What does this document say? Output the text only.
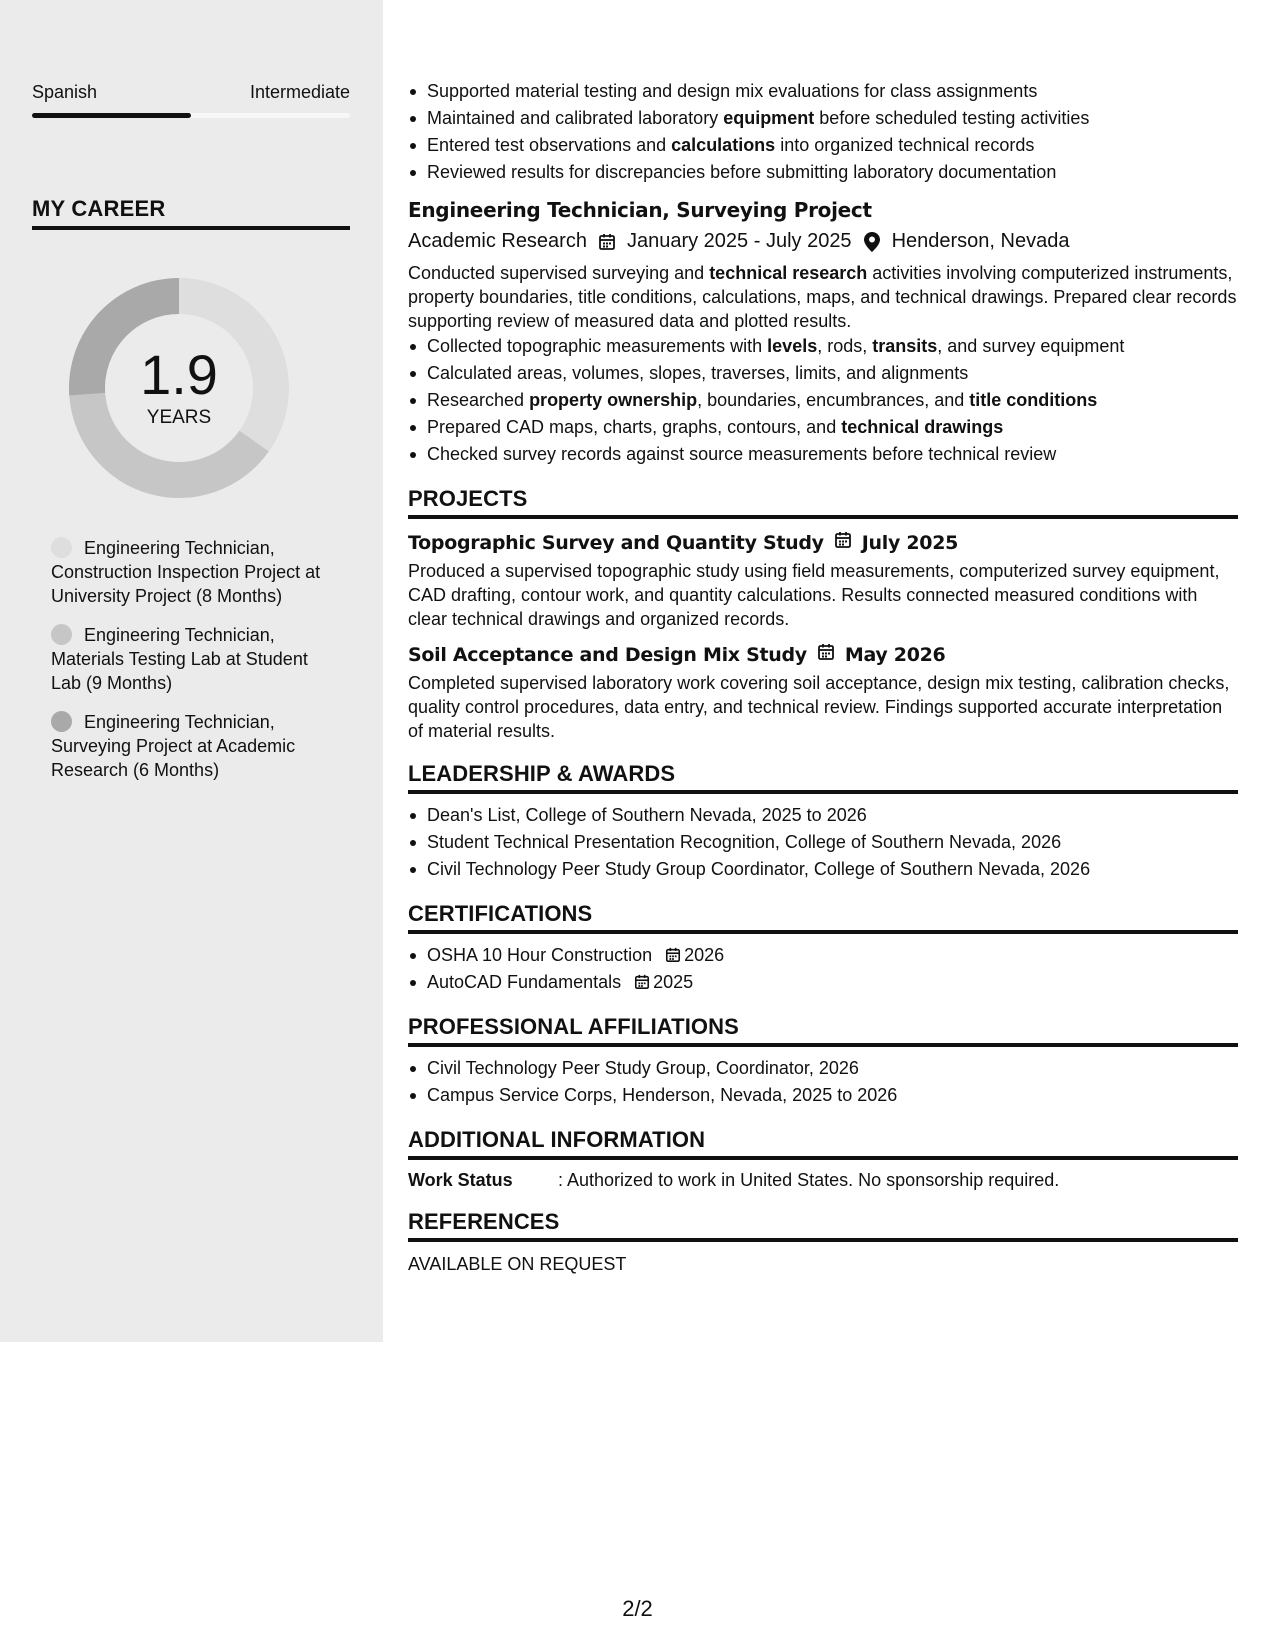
Spanish	Intermediate
MY CAREER
1.9
YEARS
Engineering Technician, Construction Inspection Project at University Project (8 Months)
Engineering Technician, Materials Testing Lab at Student Lab (9 Months)
Engineering Technician, Surveying Project at Academic Research (6 Months)
Supported material testing and design mix evaluations for class assignments
Maintained and calibrated laboratory equipment before scheduled testing activities
Entered test observations and calculations into organized technical records
Reviewed results for discrepancies before submitting laboratory documentation
Engineering Technician, Surveying Project
Academic Research January 2025 - July 2025 Henderson, Nevada
Conducted supervised surveying and technical research activities involving computerized instruments, property boundaries, title conditions, calculations, maps, and technical drawings. Prepared clear records supporting review of measured data and plotted results.
Collected topographic measurements with levels, rods, transits, and survey equipment
Calculated areas, volumes, slopes, traverses, limits, and alignments
Researched property ownership, boundaries, encumbrances, and title conditions
Prepared CAD maps, charts, graphs, contours, and technical drawings
Checked survey records against source measurements before technical review
PROJECTS
Topographic Survey and Quantity Study July 2025
Produced a supervised topographic study using field measurements, computerized survey equipment, CAD drafting, contour work, and quantity calculations. Results connected measured conditions with clear technical drawings and organized records.
Soil Acceptance and Design Mix Study May 2026
Completed supervised laboratory work covering soil acceptance, design mix testing, calibration checks, quality control procedures, data entry, and technical review. Findings supported accurate interpretation of material results.
LEADERSHIP & AWARDS
Dean's List, College of Southern Nevada, 2025 to 2026
Student Technical Presentation Recognition, College of Southern Nevada, 2026
Civil Technology Peer Study Group Coordinator, College of Southern Nevada, 2026
CERTIFICATIONS
OSHA 10 Hour Construction 2026
AutoCAD Fundamentals 2025
PROFESSIONAL AFFILIATIONS
Civil Technology Peer Study Group, Coordinator, 2026
Campus Service Corps, Henderson, Nevada, 2025 to 2026
ADDITIONAL INFORMATION
Work Status	: Authorized to work in United States. No sponsorship required.
REFERENCES
AVAILABLE ON REQUEST
2/2
